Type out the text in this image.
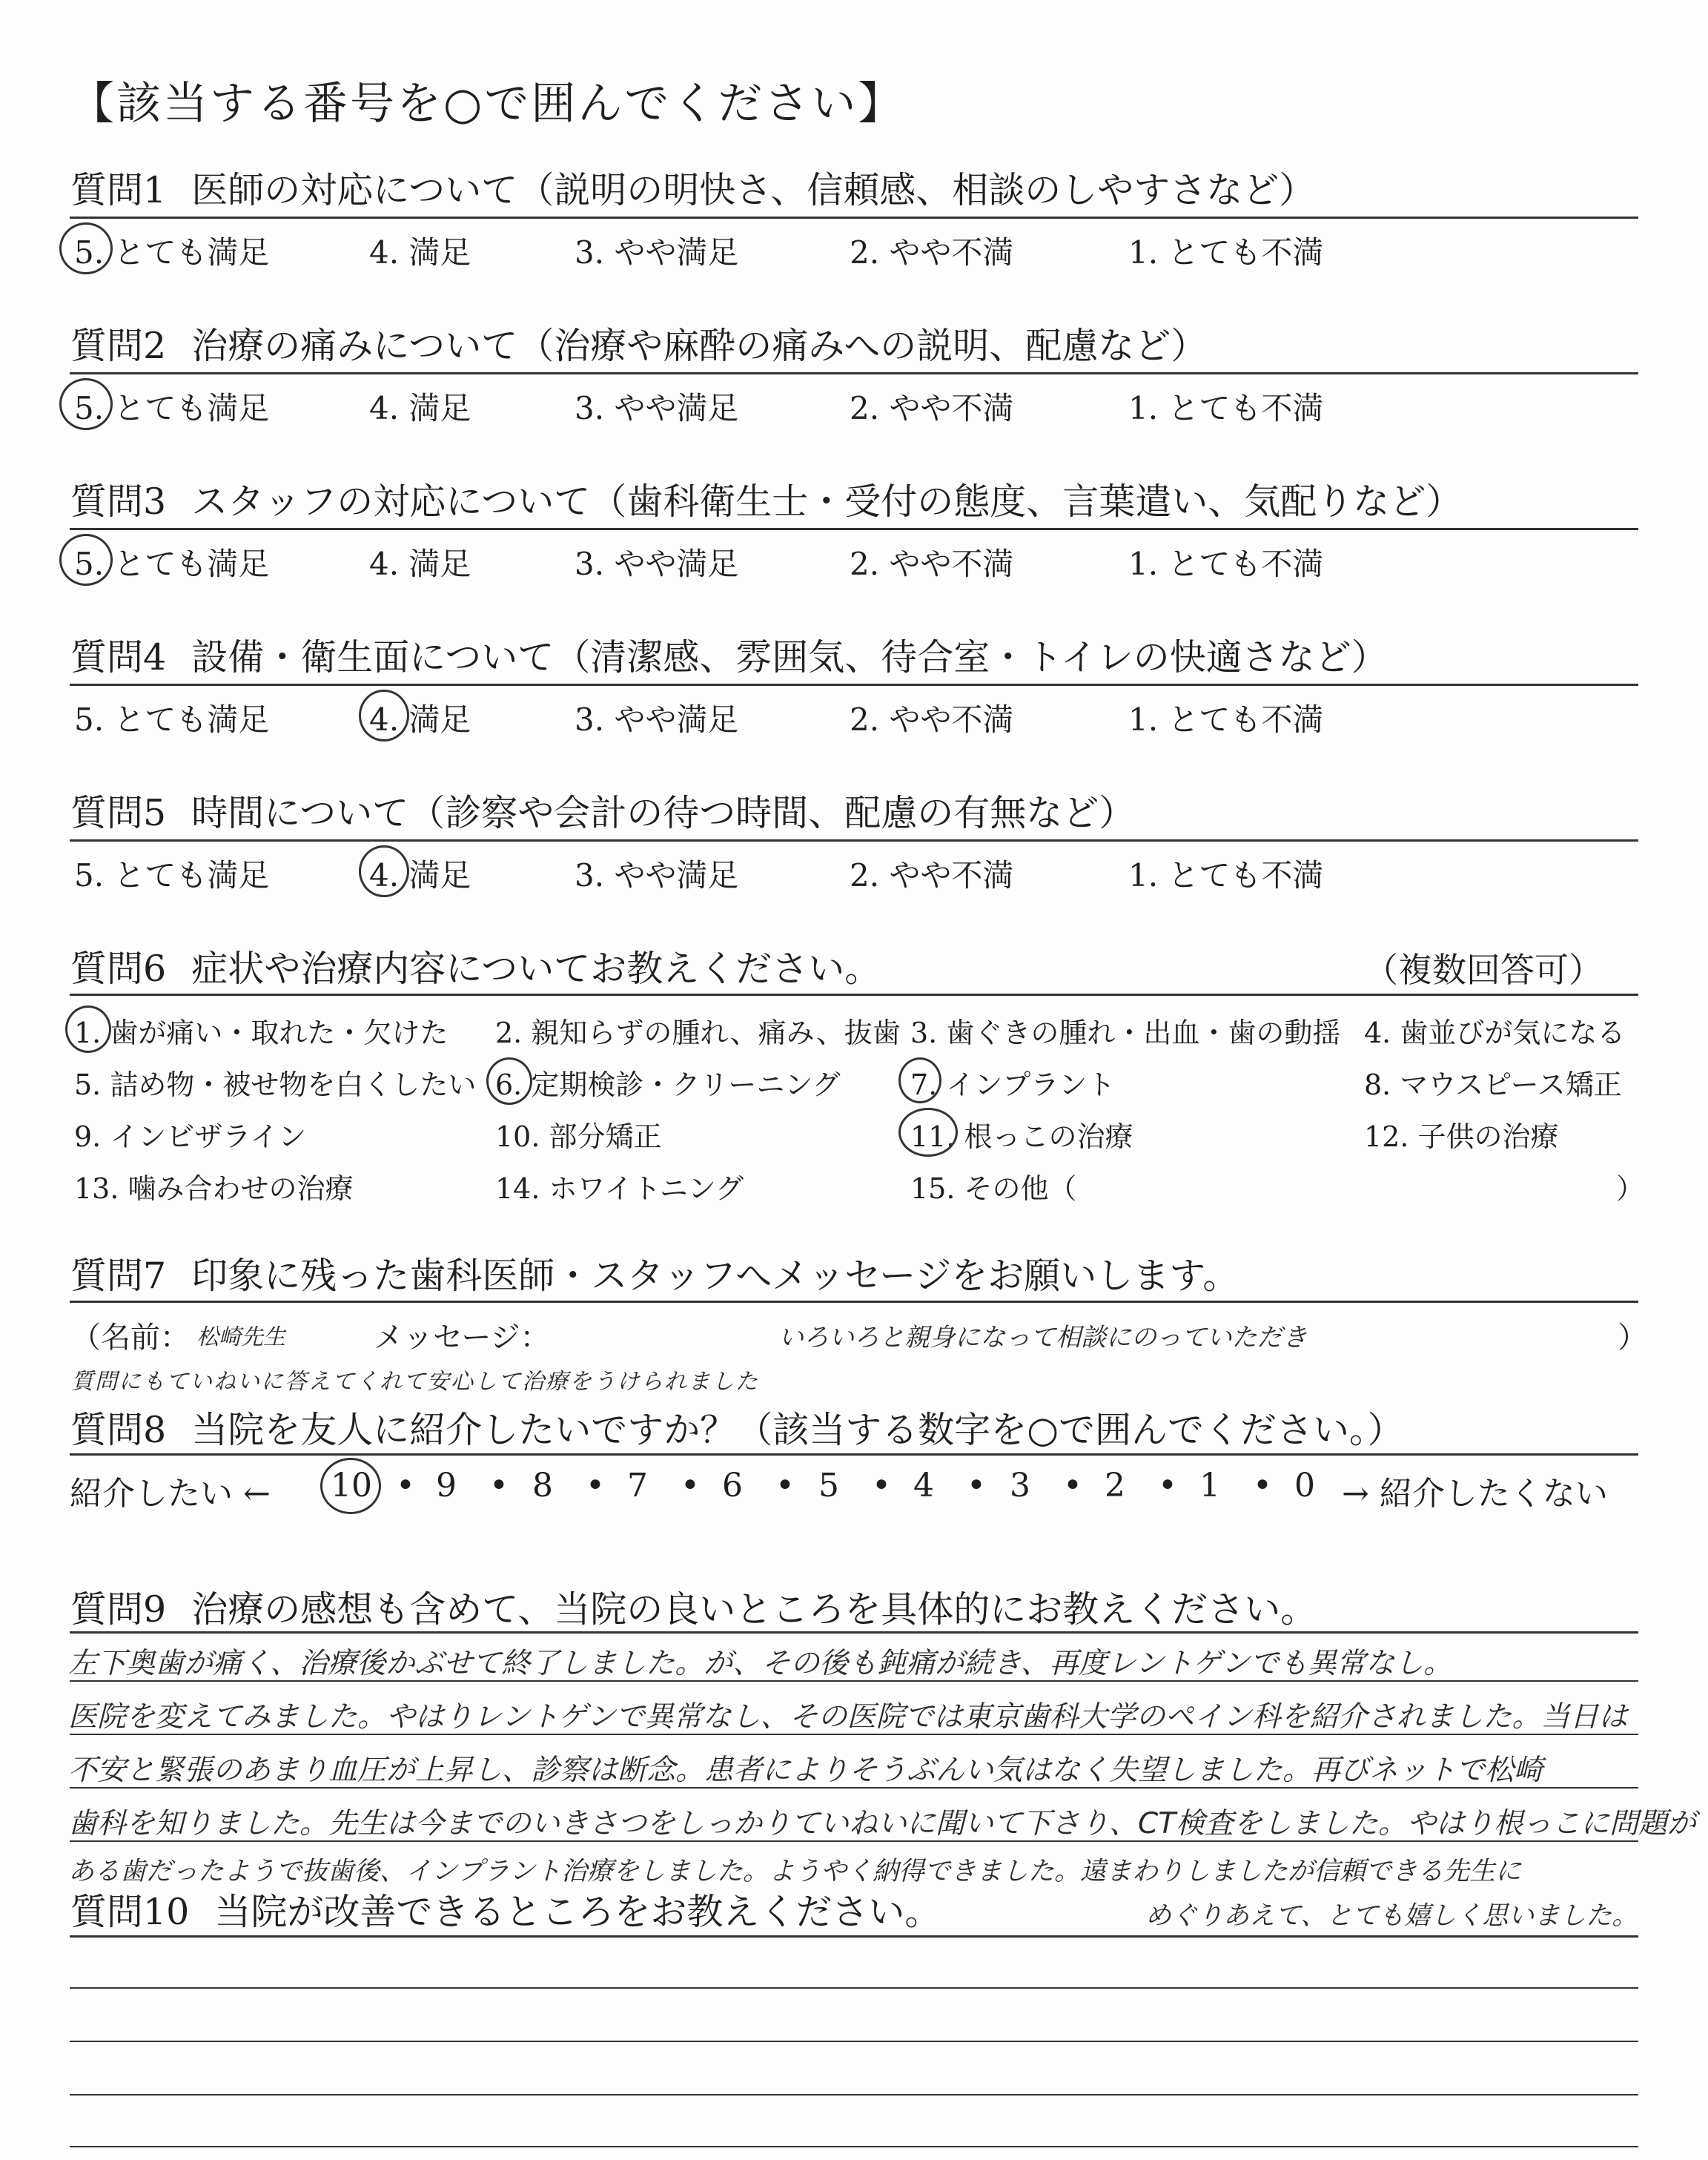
【該当する番号を○で囲んでください】
質問1 医師の対応について（説明の明快さ、信頼感、相談のしやすさなど）
5. とても満足	4. 満足	3. やや満足	2. やや不満	1. とても不満
質問2 治療の痛みについて（治療や麻酔の痛みへの説明、配慮など）
5. とても満足	4. 満足	3. やや満足	2. やや不満	1. とても不満
質問3 スタッフの対応について（歯科衛生士・受付の態度、言葉遣い、気配りなど）
5. とても満足	4. 満足	3. やや満足	2. やや不満	1. とても不満
質問4 設備・衛生面について（清潔感、雰囲気、待合室・トイレの快適さなど）
5. とても満足	4. 満足	3. やや満足	2. やや不満	1. とても不満
質問5 時間について（診察や会計の待つ時間、配慮の有無など）
5. とても満足	4. 満足	3. やや満足	2. やや不満	1. とても不満
質問6 症状や治療内容についてお教えください。	（複数回答可）
1. 歯が痛い・取れた・欠けた 2. 親知らずの腫れ、痛み、抜歯 3. 歯ぐきの腫れ・出血・歯の動揺 4. 歯並びが気になる
5. 詰め物・被せ物を白くしたい 6. 定期検診・クリーニング 7. インプラント	8. マウスピース矯正
9. インビザライン	10. 部分矯正	11. 根っこの治療	12. 子供の治療
13. 噛み合わせの治療	14. ホワイトニング	15. その他（	）
質問7 印象に残った歯科医師・スタッフへメッセージをお願いします。
（名前： 松崎先生	メッセージ：	いろいろと親身になって相談にのっていただき	）
質問にもていねいに答えてくれて安心して治療をうけられました
質問8 当院を友人に紹介したいですか？（該当する数字を○で囲んでください。）
紹介したい ← 10 • 9 • 8 • 7 • 6 • 5 • 4 • 3 • 2 • 1 • 0 → 紹介したくない
質問9 治療の感想も含めて、当院の良いところを具体的にお教えください。
左下奥歯が痛く、治療後かぶせて終了しました。が、その後も鈍痛が続き、再度レントゲンでも異常なし。
医院を変えてみました。やはりレントゲンで異常なし、その医院では東京歯科大学のペイン科を紹介されました。当日は
不安と緊張のあまり血圧が上昇し、診察は断念。患者によりそうぶんい気はなく失望しました。再びネットで松崎
歯科を知りました。先生は今までのいきさつをしっかりていねいに聞いて下さり、CT検査をしました。やはり根っこに問題が
ある歯だったようで抜歯後、インプラント治療をしました。ようやく納得できました。遠まわりしましたが信頼できる先生に
めぐりあえて、とても嬉しく思いました。
質問10 当院が改善できるところをお教えください。
